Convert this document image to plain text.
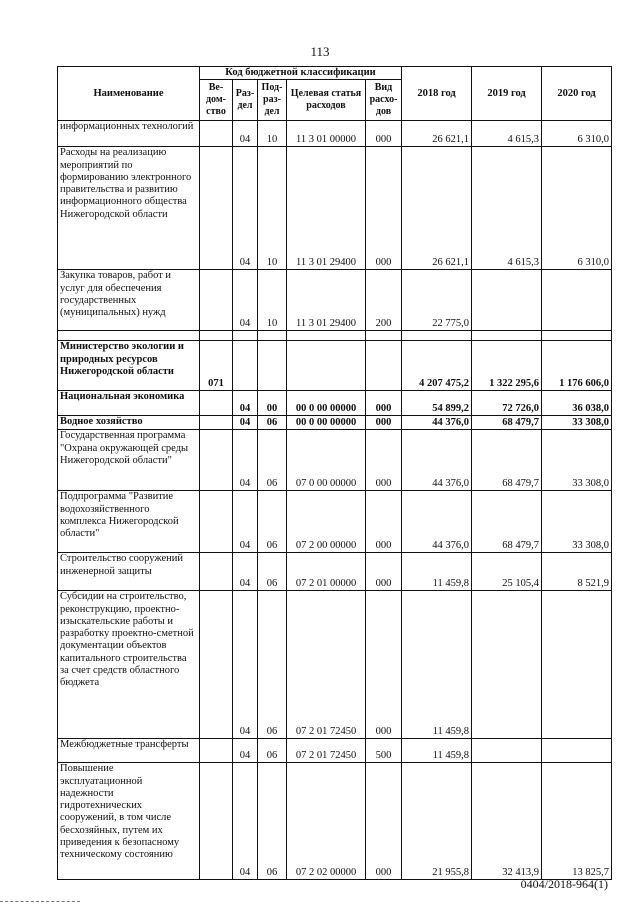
113
Наименование	Код бюджетной классификации					2018 год	2019 год	2020 год
	Ве-дом-ство	Раз-дел	Под-раз-дел	Целевая статья расходов	Вид расхо-дов			
информационных технологий		04	10	11 3 01 00000	000	26 621,1	4 615,3	6 310,0
Расходы на реализацию мероприятий по формированию электронного правительства и развитию информационного общества Нижегородской области		04	10	11 3 01 29400	000	26 621,1	4 615,3	6 310,0
Закупка товаров, работ и услуг для обеспечения государственных (муниципальных) нужд		04	10	11 3 01 29400	200	22 775,0		

Министерство экологии и природных ресурсов Нижегородской области	071					4 207 475,2	1 322 295,6	1 176 606,0
Национальная экономика		04	00	00 0 00 00000	000	54 899,2	72 726,0	36 038,0
Водное хозяйство		04	06	00 0 00 00000	000	44 376,0	68 479,7	33 308,0
Государственная программа "Охрана окружающей среды Нижегородской области"		04	06	07 0 00 00000	000	44 376,0	68 479,7	33 308,0
Подпрограмма "Развитие водохозяйственного комплекса Нижегородской области"		04	06	07 2 00 00000	000	44 376,0	68 479,7	33 308,0
Строительство сооружений инженерной защиты		04	06	07 2 01 00000	000	11 459,8	25 105,4	8 521,9
Субсидии на строительство, реконструкцию, проектно-изыскательские работы и разработку проектно-сметной документации объектов капитального строительства за счет средств областного бюджета		04	06	07 2 01 72450	000	11 459,8		
Межбюджетные трансферты		04	06	07 2 01 72450	500	11 459,8		
Повышение эксплуатационной надежности гидротехнических сооружений, в том числе бесхозяйных, путем их приведения к безопасному техническому состоянию		04	06	07 2 02 00000	000	21 955,8	32 413,9	13 825,7
0404/2018-964(1)
